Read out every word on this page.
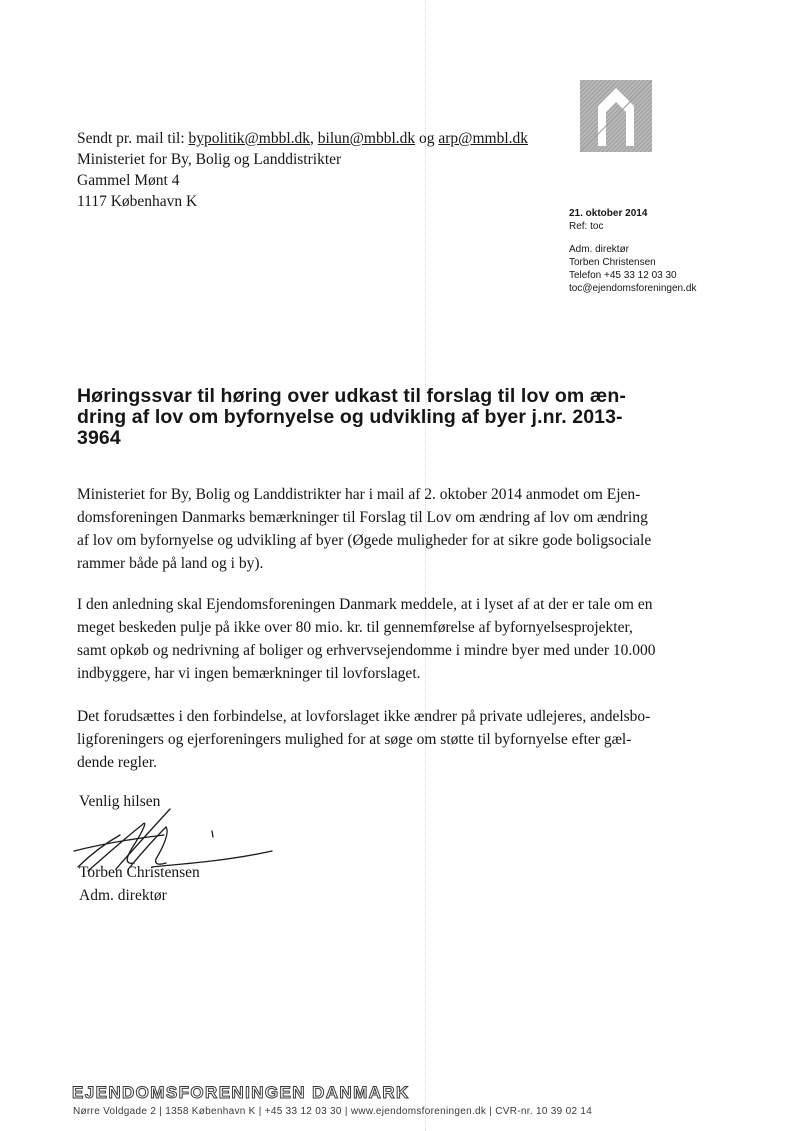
Sendt pr. mail til: bypolitik@mbbl.dk, bilun@mbbl.dk og arp@mmbl.dk
Ministeriet for By, Bolig og Landdistrikter
Gammel Mønt 4
1117 København K
21. oktober 2014
Ref: toc
Adm. direktør
Torben Christensen
Telefon +45 33 12 03 30
toc@ejendomsforeningen.dk
Høringssvar til høring over udkast til forslag til lov om æn-
dring af lov om byfornyelse og udvikling af byer j.nr. 2013-
3964
Ministeriet for By, Bolig og Landdistrikter har i mail af 2. oktober 2014 anmodet om Ejen-
domsforeningen Danmarks bemærkninger til Forslag til Lov om ændring af lov om ændring
af lov om byfornyelse og udvikling af byer (Øgede muligheder for at sikre gode boligsociale
rammer både på land og i by).
I den anledning skal Ejendomsforeningen Danmark meddele, at i lyset af at der er tale om en
meget beskeden pulje på ikke over 80 mio. kr. til gennemførelse af byfornyelsesprojekter,
samt opkøb og nedrivning af boliger og erhvervsejendomme i mindre byer med under 10.000
indbyggere, har vi ingen bemærkninger til lovforslaget.
Det forudsættes i den forbindelse, at lovforslaget ikke ændrer på private udlejeres, andelsbo-
ligforeningers og ejerforeningers mulighed for at søge om støtte til byfornyelse efter gæl-
dende regler.
Venlig hilsen
Torben Christensen
Adm. direktør
EJENDOMSFORENINGEN DANMARK
Nørre Voldgade 2 | 1358 København K | +45 33 12 03 30 | www.ejendomsforeningen.dk | CVR-nr. 10 39 02 14
